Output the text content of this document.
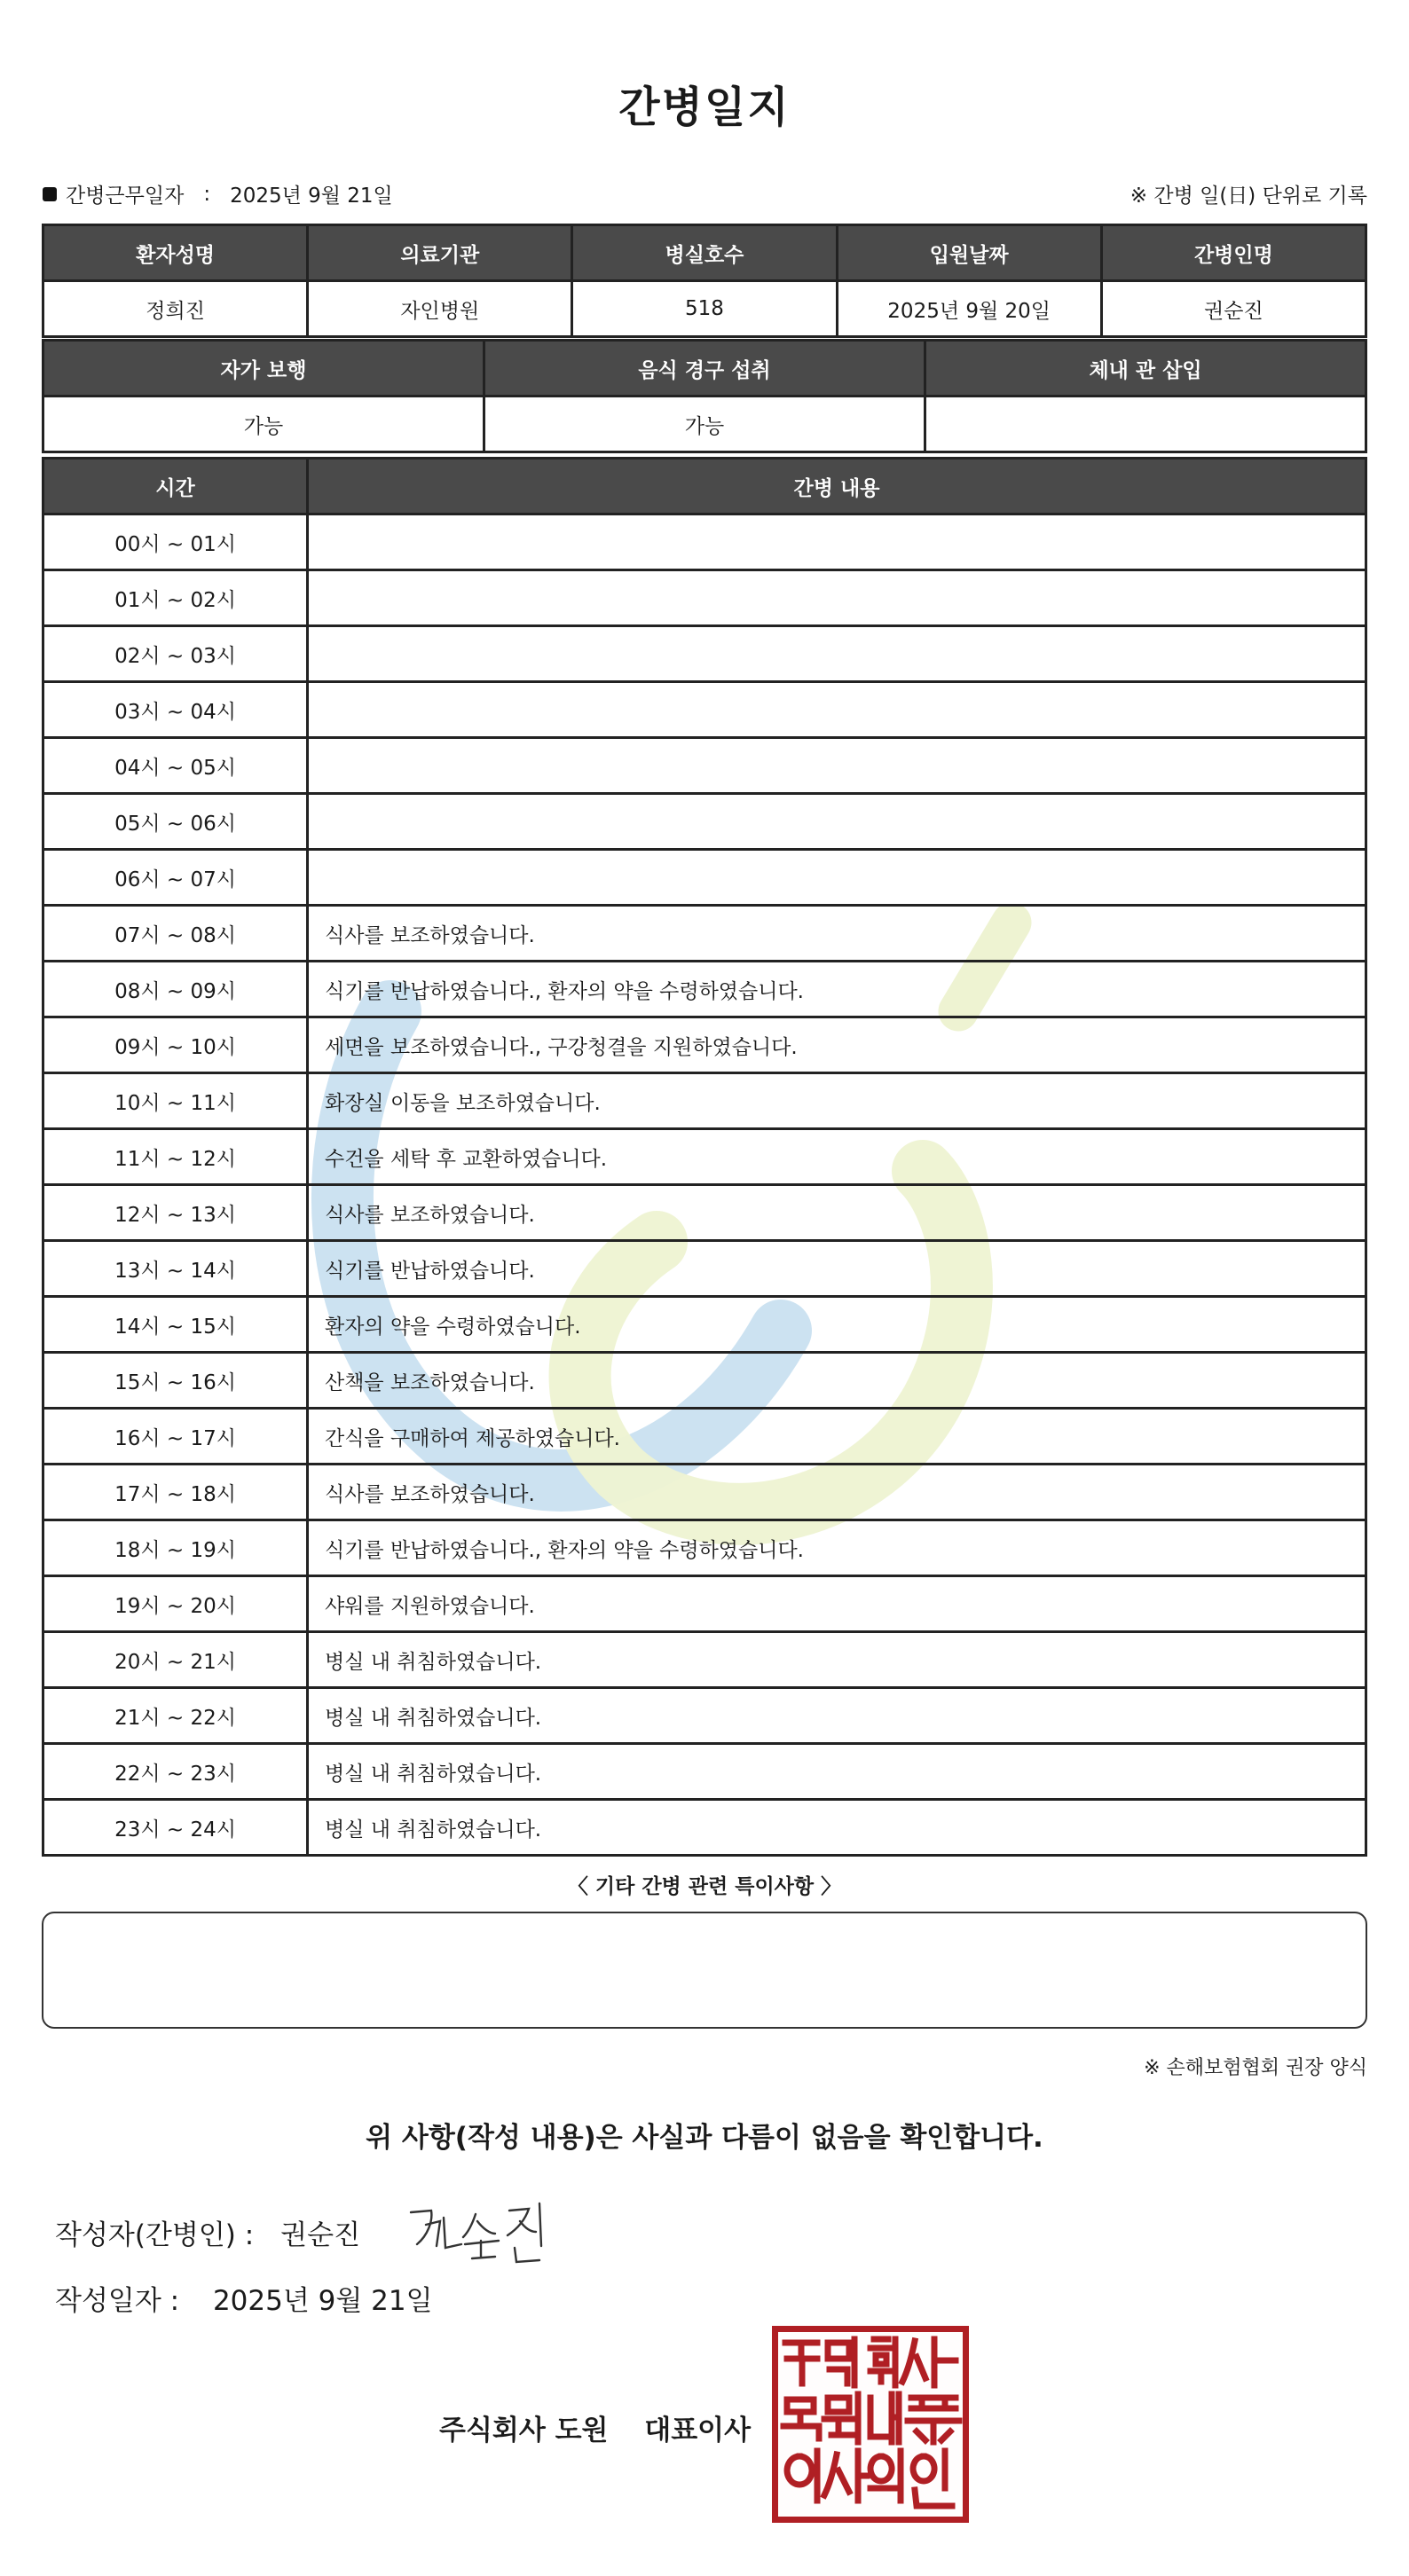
간병일지
간병근무일자 : 2025년 9월 21일	※ 간병 일(日) 단위로 기록
환자성명	의료기관	병실호수	입원날짜	간병인명
정희진	자인병원	518	2025년 9월 20일	권순진
자가 보행	음식 경구 섭취	체내 관 삽입
가능	가능	
시간	간병 내용
00시 ~ 01시	
01시 ~ 02시	
02시 ~ 03시	
03시 ~ 04시	
04시 ~ 05시	
05시 ~ 06시	
06시 ~ 07시	
07시 ~ 08시	식사를 보조하였습니다.
08시 ~ 09시	식기를 반납하였습니다., 환자의 약을 수령하였습니다.
09시 ~ 10시	세면을 보조하였습니다., 구강청결을 지원하였습니다.
10시 ~ 11시	화장실 이동을 보조하였습니다.
11시 ~ 12시	수건을 세탁 후 교환하였습니다.
12시 ~ 13시	식사를 보조하였습니다.
13시 ~ 14시	식기를 반납하였습니다.
14시 ~ 15시	환자의 약을 수령하였습니다.
15시 ~ 16시	산책을 보조하였습니다.
16시 ~ 17시	간식을 구매하여 제공하였습니다.
17시 ~ 18시	식사를 보조하였습니다.
18시 ~ 19시	식기를 반납하였습니다., 환자의 약을 수령하였습니다.
19시 ~ 20시	샤워를 지원하였습니다.
20시 ~ 21시	병실 내 취침하였습니다.
21시 ~ 22시	병실 내 취침하였습니다.
22시 ~ 23시	병실 내 취침하였습니다.
23시 ~ 24시	병실 내 취침하였습니다.
〈 기타 간병 관련 특이사항 〉
※ 손해보험협회 권장 양식
위 사항(작성 내용)은 사실과 다름이 없음을 확인합니다.
작성자(간병인) : 권순진
작성일자 : 2025년 9월 21일
주식회사 도원 대표이사
